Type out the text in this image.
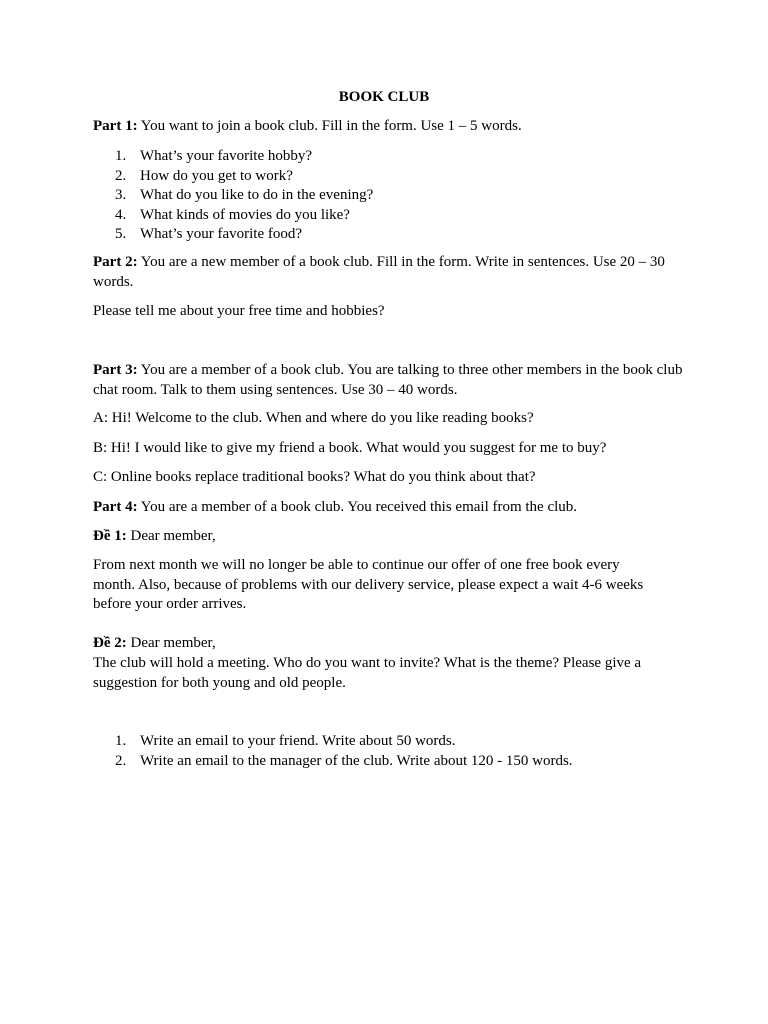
BOOK CLUB

Part 1: You want to join a book club. Fill in the form. Use 1 – 5 words.

1. What’s your favorite hobby?
2. How do you get to work?
3. What do you like to do in the evening?
4. What kinds of movies do you like?
5. What’s your favorite food?

Part 2: You are a new member of a book club. Fill in the form. Write in sentences. Use 20 – 30 words.

Please tell me about your free time and hobbies?

Part 3: You are a member of a book club. You are talking to three other members in the book club chat room. Talk to them using sentences. Use 30 – 40 words.

A: Hi! Welcome to the club. When and where do you like reading books?

B: Hi! I would like to give my friend a book. What would you suggest for me to buy?

C: Online books replace traditional books? What do you think about that?

Part 4: You are a member of a book club. You received this email from the club.

Đề 1: Dear member,

From next month we will no longer be able to continue our offer of one free book every month. Also, because of problems with our delivery service, please expect a wait 4-6 weeks before your order arrives.

Đề 2: Dear member,

The club will hold a meeting. Who do you want to invite? What is the theme? Please give a suggestion for both young and old people.

1. Write an email to your friend. Write about 50 words.
2. Write an email to the manager of the club. Write about 120 - 150 words.
